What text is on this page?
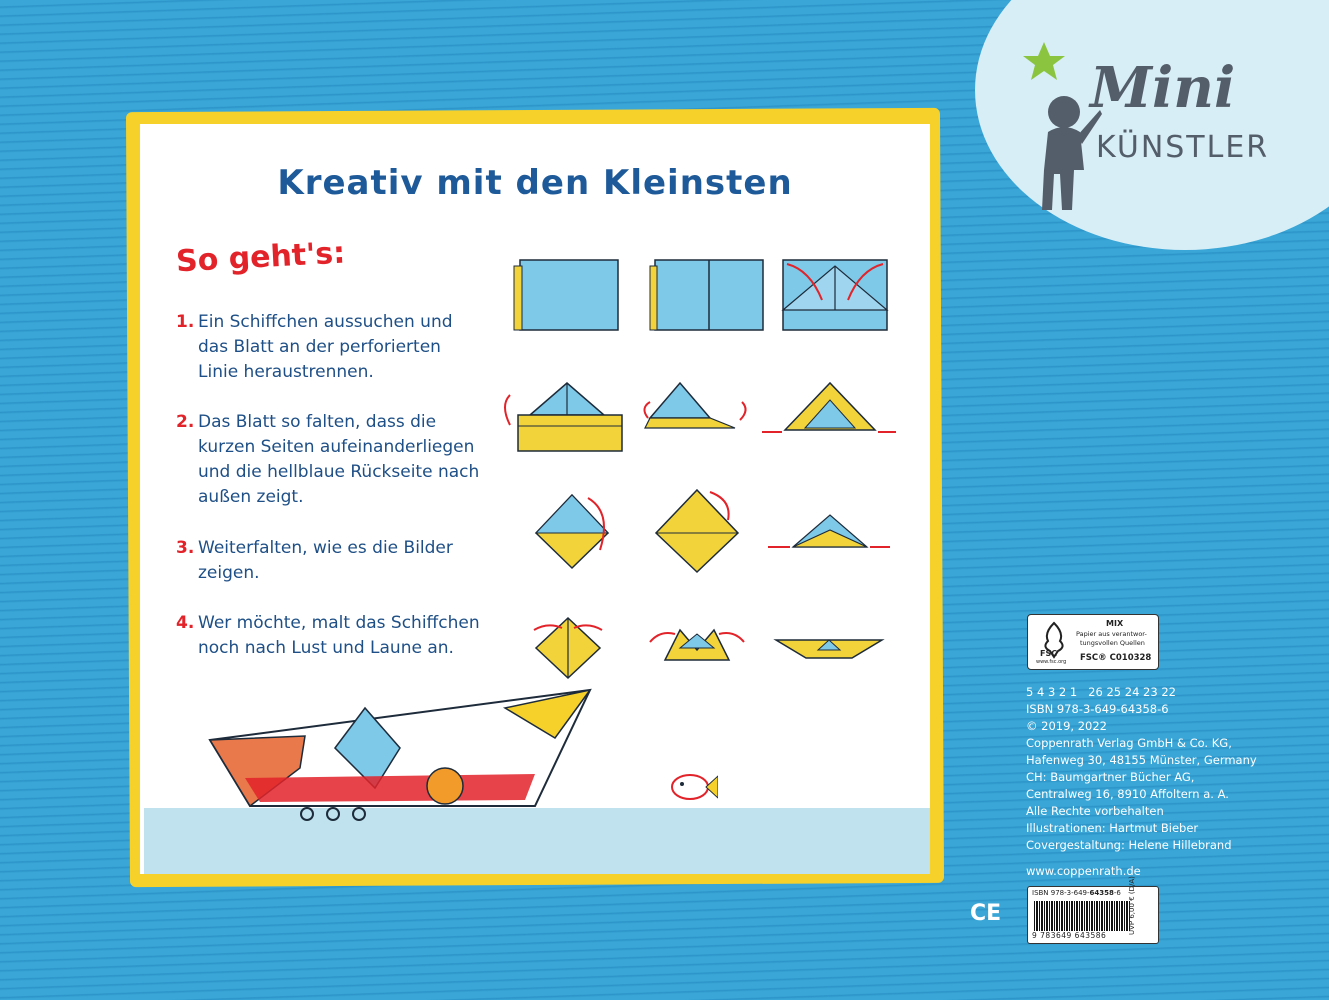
Mini
KÜNSTLER
Kreativ mit den Kleinsten
So geht's:
1. Ein Schiffchen aussuchen und das Blatt an der perforierten Linie heraustrennen.
2. Das Blatt so falten, dass die kurzen Seiten aufeinanderliegen und die hellblaue Rückseite nach außen zeigt.
3. Weiterfalten, wie es die Bilder zeigen.
4. Wer möchte, malt das Schiffchen noch nach Lust und Laune an.	FSC
www.fsc.org
MIX
Papier aus verantwor-
tungsvollen Quellen
FSC® C010328
5 4 3 2 1   26 25 24 23 22
ISBN 978-3-649-64358-6
© 2019, 2022
Coppenrath Verlag GmbH & Co. KG,
Hafenweg 30, 48155 Münster, Germany
CH: Baumgartner Bücher AG,
Centralweg 16, 8910 Affoltern a. A.
Alle Rechte vorbehalten
Illustrationen: Hartmut Bieber
Covergestaltung: Helene Hillebrand
www.coppenrath.de
ISBN 978-3-649-64358-6
9 783649 643586
UVP 6,00 € (D/A)
CE
